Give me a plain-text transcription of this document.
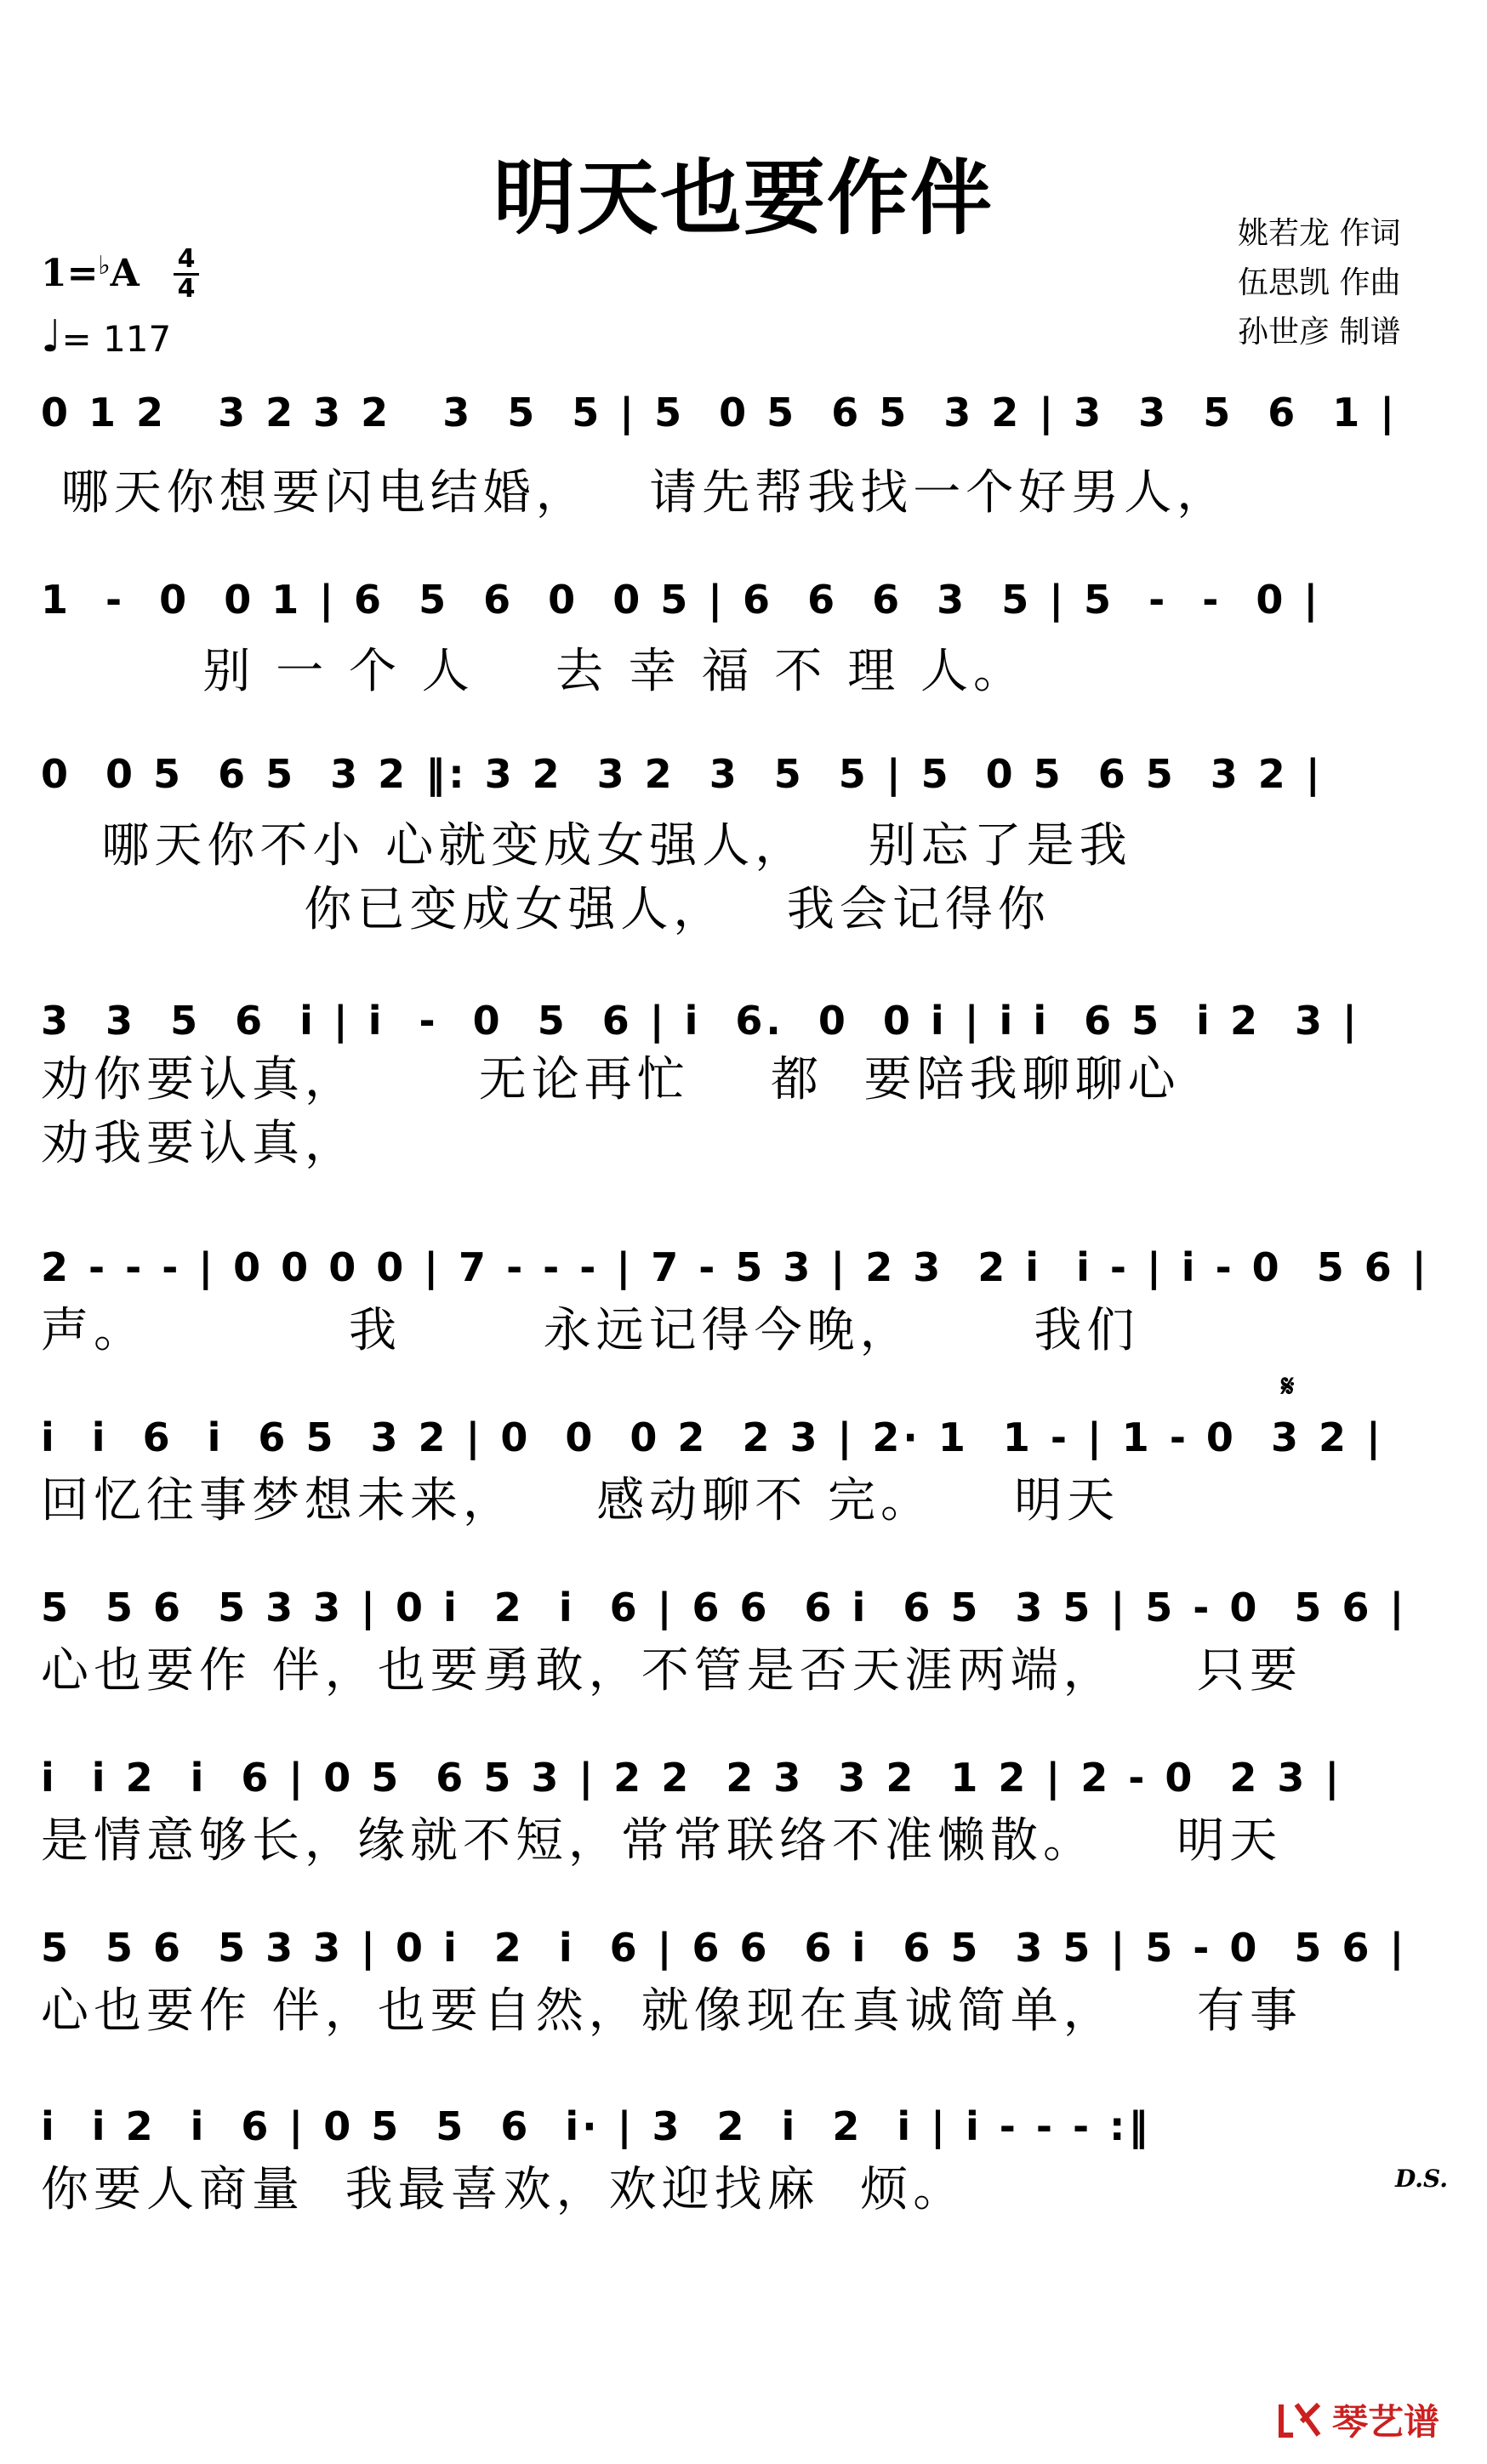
明天也要作伴	姚若龙 作词
伍思凯 作曲
孙世彦 制谱
1=♭A 4
4
♩= 117
0 1 2   3 2 3 2   3  5  5 | 5  0 5  6 5  3 2 | 3  3  5  6  1 |
哪天你想要闪电结婚，   请先帮我找一个好男人，
1  -  0  0 1 | 6  5  6  0  0 5 | 6  6  6  3  5 | 5  -  -  0 |
别 一 个 人    去 幸 福 不 理 人。
0  0 5  6 5  3 2 ‖: 3 2  3 2  3  5  5 | 5  0 5  6 5  3 2 |
哪天你不小 心就变成女强人，   别忘了是我
你已变成女强人，   我会记得你
3  3  5  6  i | i  -  0  5  6 | i  6.  0  0 i | i i  6 5  i 2  3 |
劝你要认真，      无论再忙    都  要陪我聊聊心
劝我要认真，
2 - - - | 0 0 0 0 | 7 - - - | 7 - 5 3 | 2 3  2 i  i - | i - 0  5 6 |
声。          我       永远记得今晚，      我们
𝄋
i  i  6  i  6 5  3 2 | 0  0  0 2  2 3 | 2· 1  1 - | 1 - 0  3 2 |
回忆往事梦想未来，    感动聊不 完。    明天
5  5 6  5 3 3 | 0 i  2  i  6 | 6 6  6 i  6 5  3 5 | 5 - 0  5 6 |
心也要作 伴，也要勇敢，不管是否天涯两端，    只要
i  i 2  i  6 | 0 5  6 5 3 | 2 2  2 3  3 2  1 2 | 2 - 0  2 3 |
是情意够长，缘就不短，常常联络不准懒散。    明天
5  5 6  5 3 3 | 0 i  2  i  6 | 6 6  6 i  6 5  3 5 | 5 - 0  5 6 |
心也要作 伴，也要自然，就像现在真诚简单，    有事
i  i 2  i  6 | 0 5  5  6  i· | 3  2  i  2  i | i - - - :‖
你要人商量  我最喜欢，欢迎找麻  烦。	D.S.
琴艺谱
